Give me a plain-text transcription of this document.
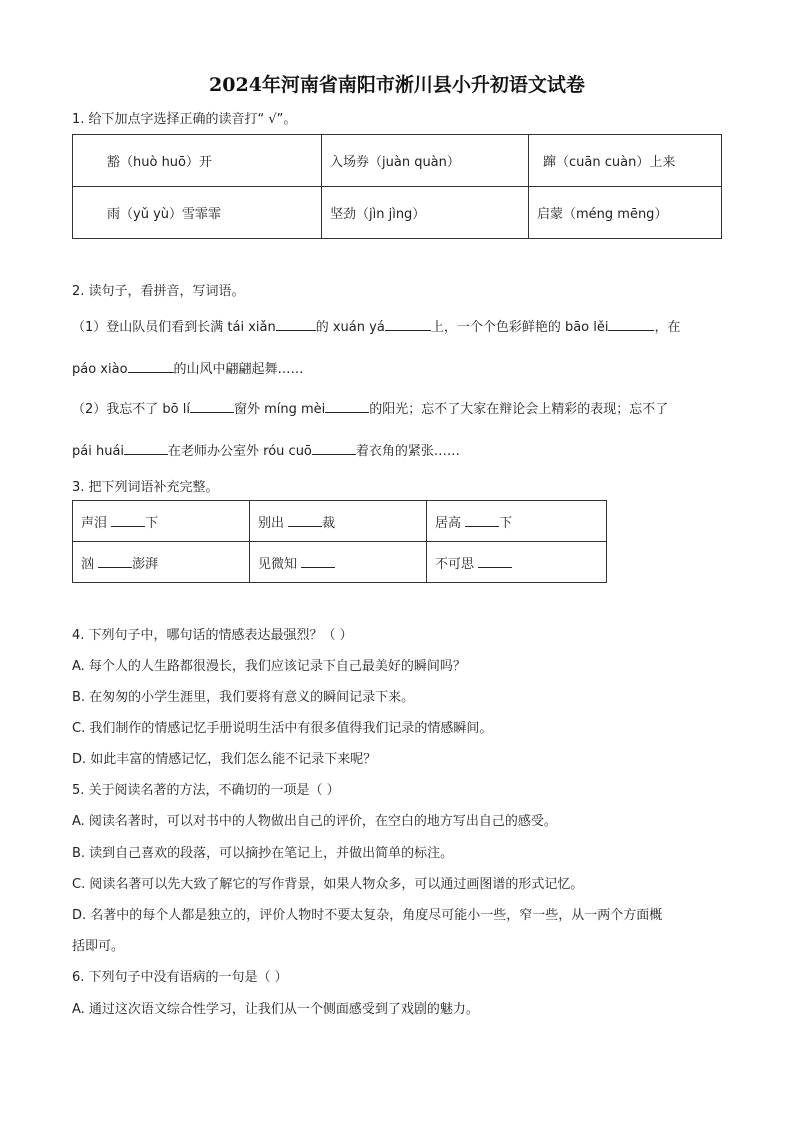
2024年河南省南阳市淅川县小升初语文试卷
1. 给下加点字选择正确的读音打“ √”。
豁（huò huō）开	入场券（juàn quàn）	蹿（cuān cuàn）上来
雨（yǔ yù）雪霏霏	坚劲（jìn jìng）	启蒙（méng mēng）
2. 读句子，看拼音，写词语。
（1）登山队员们看到长满 tái xiǎn	的 xuán yá	上，一个个色彩鲜艳的 bāo lěi	，在
páo xiào	的山风中翩翩起舞……
（2）我忘不了 bō lí	窗外 míng mèi	的阳光；忘不了大家在辩论会上精彩的表现；忘不了
pái huái	在老师办公室外 róu cuō	着衣角的紧张……
3. 把下列词语补充完整。
声泪 下	别出 裁	居高 下
汹 澎湃	见微知	不可思
4. 下列句子中，哪句话的情感表达最强烈？（ ）
A. 每个人的人生路都很漫长，我们应该记录下自己最美好的瞬间吗？
B. 在匆匆的小学生涯里，我们要将有意义的瞬间记录下来。
C. 我们制作的情感记忆手册说明生活中有很多值得我们记录的情感瞬间。
D. 如此丰富的情感记忆，我们怎么能不记录下来呢？
5. 关于阅读名著的方法，不确切的一项是（ ）
A. 阅读名著时，可以对书中的人物做出自己的评价，在空白的地方写出自己的感受。
B. 读到自己喜欢的段落，可以摘抄在笔记上，并做出简单的标注。
C. 阅读名著可以先大致了解它的写作背景，如果人物众多，可以通过画图谱的形式记忆。
D. 名著中的每个人都是独立的，评价人物时不要太复杂，角度尽可能小一些，窄一些，从一两个方面概
括即可。
6. 下列句子中没有语病的一句是（ ）
A. 通过这次语文综合性学习，让我们从一个侧面感受到了戏剧的魅力。
